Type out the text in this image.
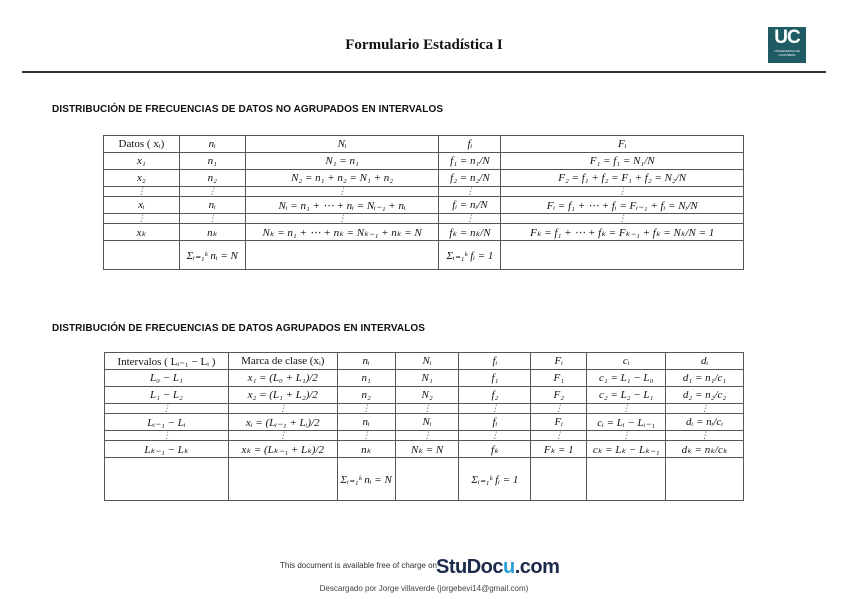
Formulario Estadística I	UC
UNIVERSIDAD DE CANTABRIA
DISTRIBUCIÓN DE FRECUENCIAS DE DATOS NO AGRUPADOS EN INTERVALOS
Datos ( xᵢ)	nᵢ	Nᵢ	fᵢ	Fᵢ
x₁	n₁	N₁ = n₁	f₁ = n₁/N	F₁ = f₁ = N₁/N
x₂	n₂	N₂ = n₁ + n₂ = N₁ + n₂	f₂ = n₂/N	F₂ = f₁ + f₂ = F₁ + f₂ = N₂/N
⋮	⋮	⋮	⋮	⋮
xᵢ	nᵢ	Nᵢ = n₁ + ⋯ + nᵢ = Nᵢ₋₁ + nᵢ	fᵢ = nᵢ/N	Fᵢ = f₁ + ⋯ + fᵢ = Fᵢ₋₁ + fᵢ = Nᵢ/N
⋮	⋮	⋮	⋮	⋮
xₖ	nₖ	Nₖ = n₁ + ⋯ + nₖ = Nₖ₋₁ + nₖ = N	fₖ = nₖ/N	Fₖ = f₁ + ⋯ + fₖ = Fₖ₋₁ + fₖ = Nₖ/N = 1
	Σᵢ₌₁ᵏ nᵢ = N		Σᵢ₌₁ᵏ fᵢ = 1	
DISTRIBUCIÓN DE FRECUENCIAS DE DATOS AGRUPADOS EN INTERVALOS
Intervalos ( Lᵢ₋₁ − Lᵢ )	Marca de clase (xᵢ)	nᵢ	Nᵢ	fᵢ	Fᵢ	cᵢ	dᵢ
L₀ − L₁	x₁ = (L₀ + L₁)/2	n₁	N₁	f₁	F₁	c₁ = L₁ − L₀	d₁ = n₁/c₁
L₁ − L₂	x₂ = (L₁ + L₂)/2	n₂	N₂	f₂	F₂	c₂ = L₂ − L₁	d₂ = n₂/c₂
⋮	⋮	⋮	⋮	⋮	⋮	⋮	⋮
Lᵢ₋₁ − Lᵢ	xᵢ = (Lᵢ₋₁ + Lᵢ)/2	nᵢ	Nᵢ	fᵢ	Fᵢ	cᵢ = Lᵢ − Lᵢ₋₁	dᵢ = nᵢ/cᵢ
⋮	⋮	⋮	⋮	⋮	⋮	⋮	⋮
Lₖ₋₁ − Lₖ	xₖ = (Lₖ₋₁ + Lₖ)/2	nₖ	Nₖ = N	fₖ	Fₖ = 1	cₖ = Lₖ − Lₖ₋₁	dₖ = nₖ/cₖ
		Σᵢ₌₁ᵏ nᵢ = N		Σᵢ₌₁ᵏ fᵢ = 1			
This document is available free of charge on StuDocu.com
Descargado por Jorge villaverde (jorgebevi14@gmail.com)
